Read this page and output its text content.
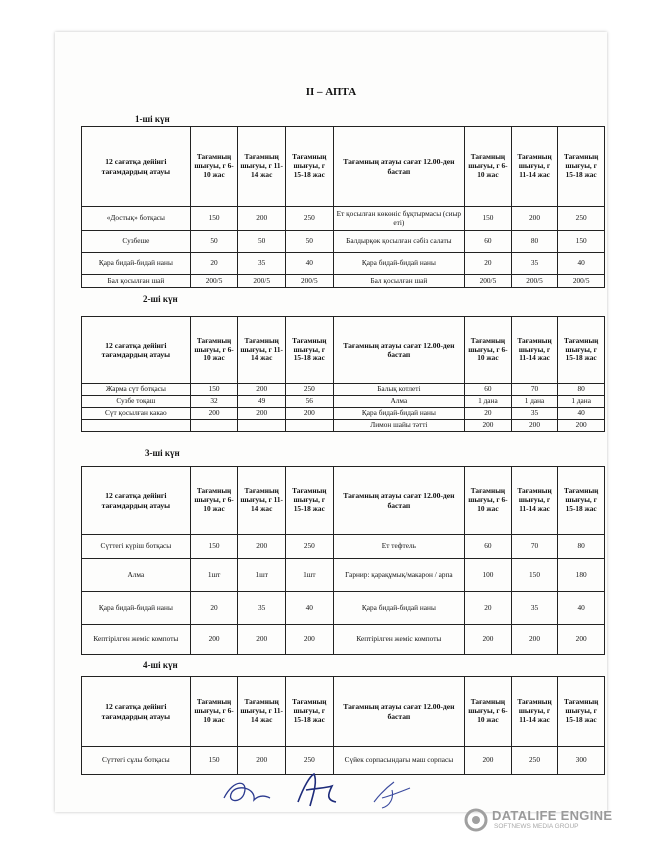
II – АПТА
1-ші күн
12 сағатқа дейінгі тағамдардың атауы	Тағамның шығуы, г 6-10 жас	Тағамның шығуы, г 11-14 жас	Тағамның шығуы, г 15-18 жас	Тағамның атауы сағат 12.00-ден бастап	Тағамның шығуы, г 6-10 жас	Тағамның шығуы, г 11-14 жас	Тағамның шығуы, г 15-18 жас
«Достық» ботқасы	150	200	250	Ет қосылған көкөніс бұқтырмасы (сиыр еті)	150	200	250
Сузбеше	50	50	50	Балдырқөк қосылған сәбіз салаты	60	80	150
Қара бидай-бидай наны	20	35	40	Қара бидай-бидай наны	20	35	40
Бал қосылған шай	200/5	200/5	200/5	Бал қосылған шай	200/5	200/5	200/5
2-ші күн
12 сағатқа дейінгі тағамдардың атауы	Тағамның шығуы, г 6-10 жас	Тағамның шығуы, г 11-14 жас	Тағамның шығуы, г 15-18 жас	Тағамның атауы сағат 12.00-ден бастап	Тағамның шығуы, г 6-10 жас	Тағамның шығуы, г 11-14 жас	Тағамның шығуы, г 15-18 жас
Жарма сүт ботқасы	150	200	250	Балық котлеті	60	70	80
Сузбе тоқаш	32	49	56	Алма	1 дана	1 дана	1 дана
Сүт қосылған какао	200	200	200	Қара бидай-бидай наны	20	35	40
				Лимон шайы тәтті	200	200	200
3-ші күн
12 сағатқа дейінгі тағамдардың атауы	Тағамның шығуы, г 6-10 жас	Тағамның шығуы, г 11-14 жас	Тағамның шығуы, г 15-18 жас	Тағамның атауы сағат 12.00-ден бастап	Тағамның шығуы, г 6-10 жас	Тағамның шығуы, г 11-14 жас	Тағамның шығуы, г 15-18 жас
Сүттегі күріш ботқасы	150	200	250	Ет тефтель	60	70	80
Алма	1шт	1шт	1шт	Гарнир: қарақұмық/макарон / арпа	100	150	180
Қара бидай-бидай наны	20	35	40	Қара бидай-бидай наны	20	35	40
Кептірілген жеміс компоты	200	200	200	Кептірілген жеміс компоты	200	200	200
4-ші күн
12 сағатқа дейінгі тағамдардың атауы	Тағамның шығуы, г 6-10 жас	Тағамның шығуы, г 11-14 жас	Тағамның шығуы, г 15-18 жас	Тағамның атауы сағат 12.00-ден бастап	Тағамның шығуы, г 6-10 жас	Тағамның шығуы, г 11-14 жас	Тағамның шығуы, г 15-18 жас
Сүттегі сұлы ботқасы	150	200	250	Сүйек сорпасындағы маш сорпасы	200	250	300
DATALIFE ENGINE
SOFTNEWS MEDIA GROUP
